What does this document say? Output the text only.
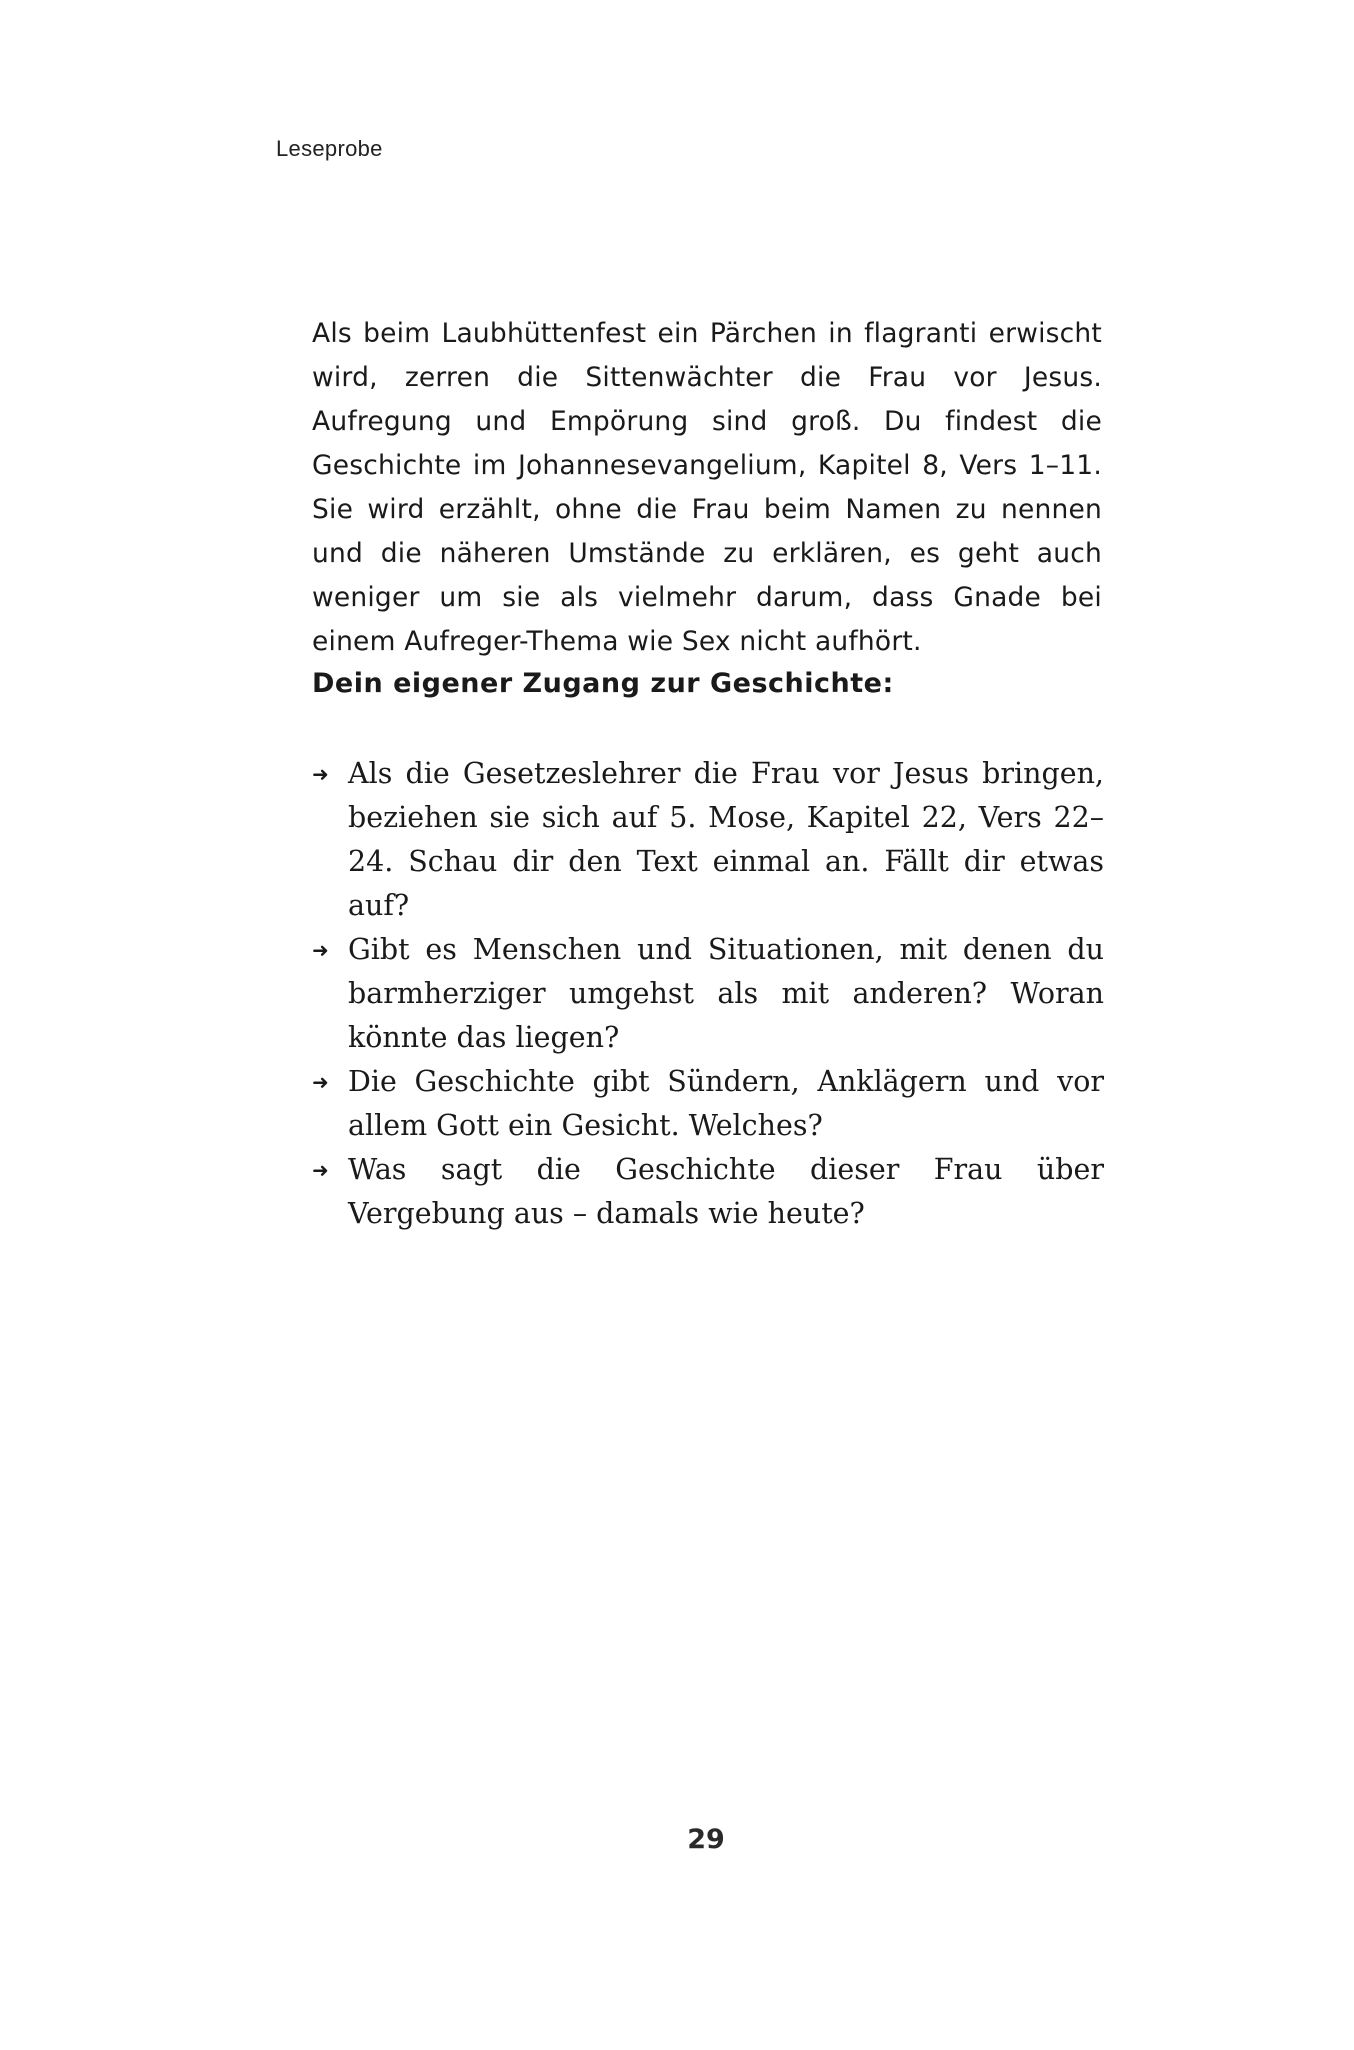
Leseprobe

Als beim Laubhüttenfest ein Pärchen in flagranti erwischt wird, zerren die Sittenwächter die Frau vor Jesus. Aufregung und Empörung sind groß. Du findest die Geschichte im Johannesevangelium, Kapitel 8, Vers 1–11. Sie wird erzählt, ohne die Frau beim Namen zu nennen und die näheren Umstände zu erklären, es geht auch weniger um sie als vielmehr darum, dass Gnade bei einem Aufreger-Thema wie Sex nicht aufhört.

Dein eigener Zugang zur Geschichte:
➜ Als die Gesetzeslehrer die Frau vor Jesus bringen, beziehen sie sich auf 5. Mose, Kapitel 22, Vers 22–24. Schau dir den Text einmal an. Fällt dir etwas auf?
➜ Gibt es Menschen und Situationen, mit denen du barmherziger umgehst als mit anderen? Woran könnte das liegen?
➜ Die Geschichte gibt Sündern, Anklägern und vor allem Gott ein Gesicht. Welches?
➜ Was sagt die Geschichte dieser Frau über Vergebung aus – damals wie heute?
29
